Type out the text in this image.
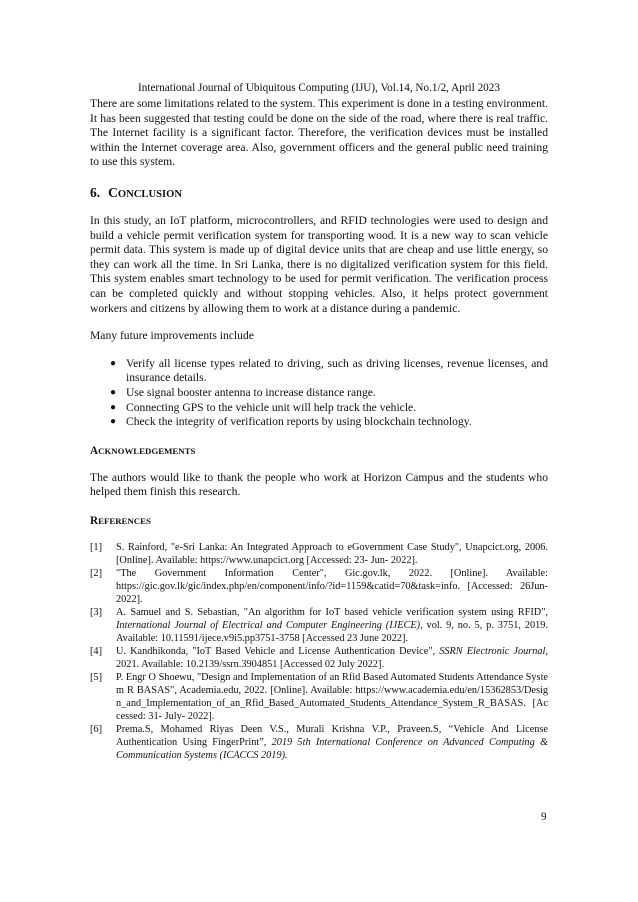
International Journal of Ubiquitous Computing (IJU), Vol.14, No.1/2, April 2023

There are some limitations related to the system. This experiment is done in a testing environment. It has been suggested that testing could be done on the side of the road, where there is real traffic. The Internet facility is a significant factor. Therefore, the verification devices must be installed within the Internet coverage area. Also, government officers and the general public need training to use this system.

6. CONCLUSION

In this study, an IoT platform, microcontrollers, and RFID technologies were used to design and build a vehicle permit verification system for transporting wood. It is a new way to scan vehicle permit data. This system is made up of digital device units that are cheap and use little energy, so they can work all the time. In Sri Lanka, there is no digitalized verification system for this field. This system enables smart technology to be used for permit verification. The verification process can be completed quickly and without stopping vehicles. Also, it helps protect government workers and citizens by allowing them to work at a distance during a pandemic.

Many future improvements include

● Verify all license types related to driving, such as driving licenses, revenue licenses, and insurance details.
● Use signal booster antenna to increase distance range.
● Connecting GPS to the vehicle unit will help track the vehicle.
● Check the integrity of verification reports by using blockchain technology.
ACKNOWLEDGEMENTS

The authors would like to thank the people who work at Horizon Campus and the students who helped them finish this research.

REFERENCES
[1] S. Rainford, "e-Sri Lanka: An Integrated Approach to eGovernment Case Study", Unapcict.org, 2006. [Online]. Available: https://www.unapcict.org [Accessed: 23- Jun- 2022].
[2] "The Government Information Center", Gic.gov.lk, 2022. [Online]. Available: https://gic.gov.lk/gic/index.php/en/component/info/?id=1159&catid=70&task=info. [Accessed: 26Jun- 2022].
[3] A. Samuel and S. Sebastian, "An algorithm for IoT based vehicle verification system using RFID", International Journal of Electrical and Computer Engineering (IJECE), vol. 9, no. 5, p. 3751, 2019. Available: 10.11591/ijece.v9i5.pp3751-3758 [Accessed 23 June 2022].
[4] U. Kandhikonda, "IoT Based Vehicle and License Authentication Device", SSRN Electronic Journal, 2021. Available: 10.2139/ssrn.3904851 [Accessed 02 July 2022].
[5] P. Engr O Shoewu, "Design and Implementation of an Rfid Based Automated Students Attendance System R BASAS", Academia.edu, 2022. [Online]. Available: https://www.academia.edu/en/15362853/Design_and_Implementation_of_an_Rfid_Based_Automated_Students_Attendance_System_R_BASAS. [Accessed: 31- July- 2022].
[6] Prema.S, Mohamed Riyas Deen V.S., Murali Krishna V.P., Praveen.S, “Vehicle And License Authentication Using FingerPrint”, 2019 5th International Conference on Advanced Computing & Communication Systems (ICACCS 2019).
9
